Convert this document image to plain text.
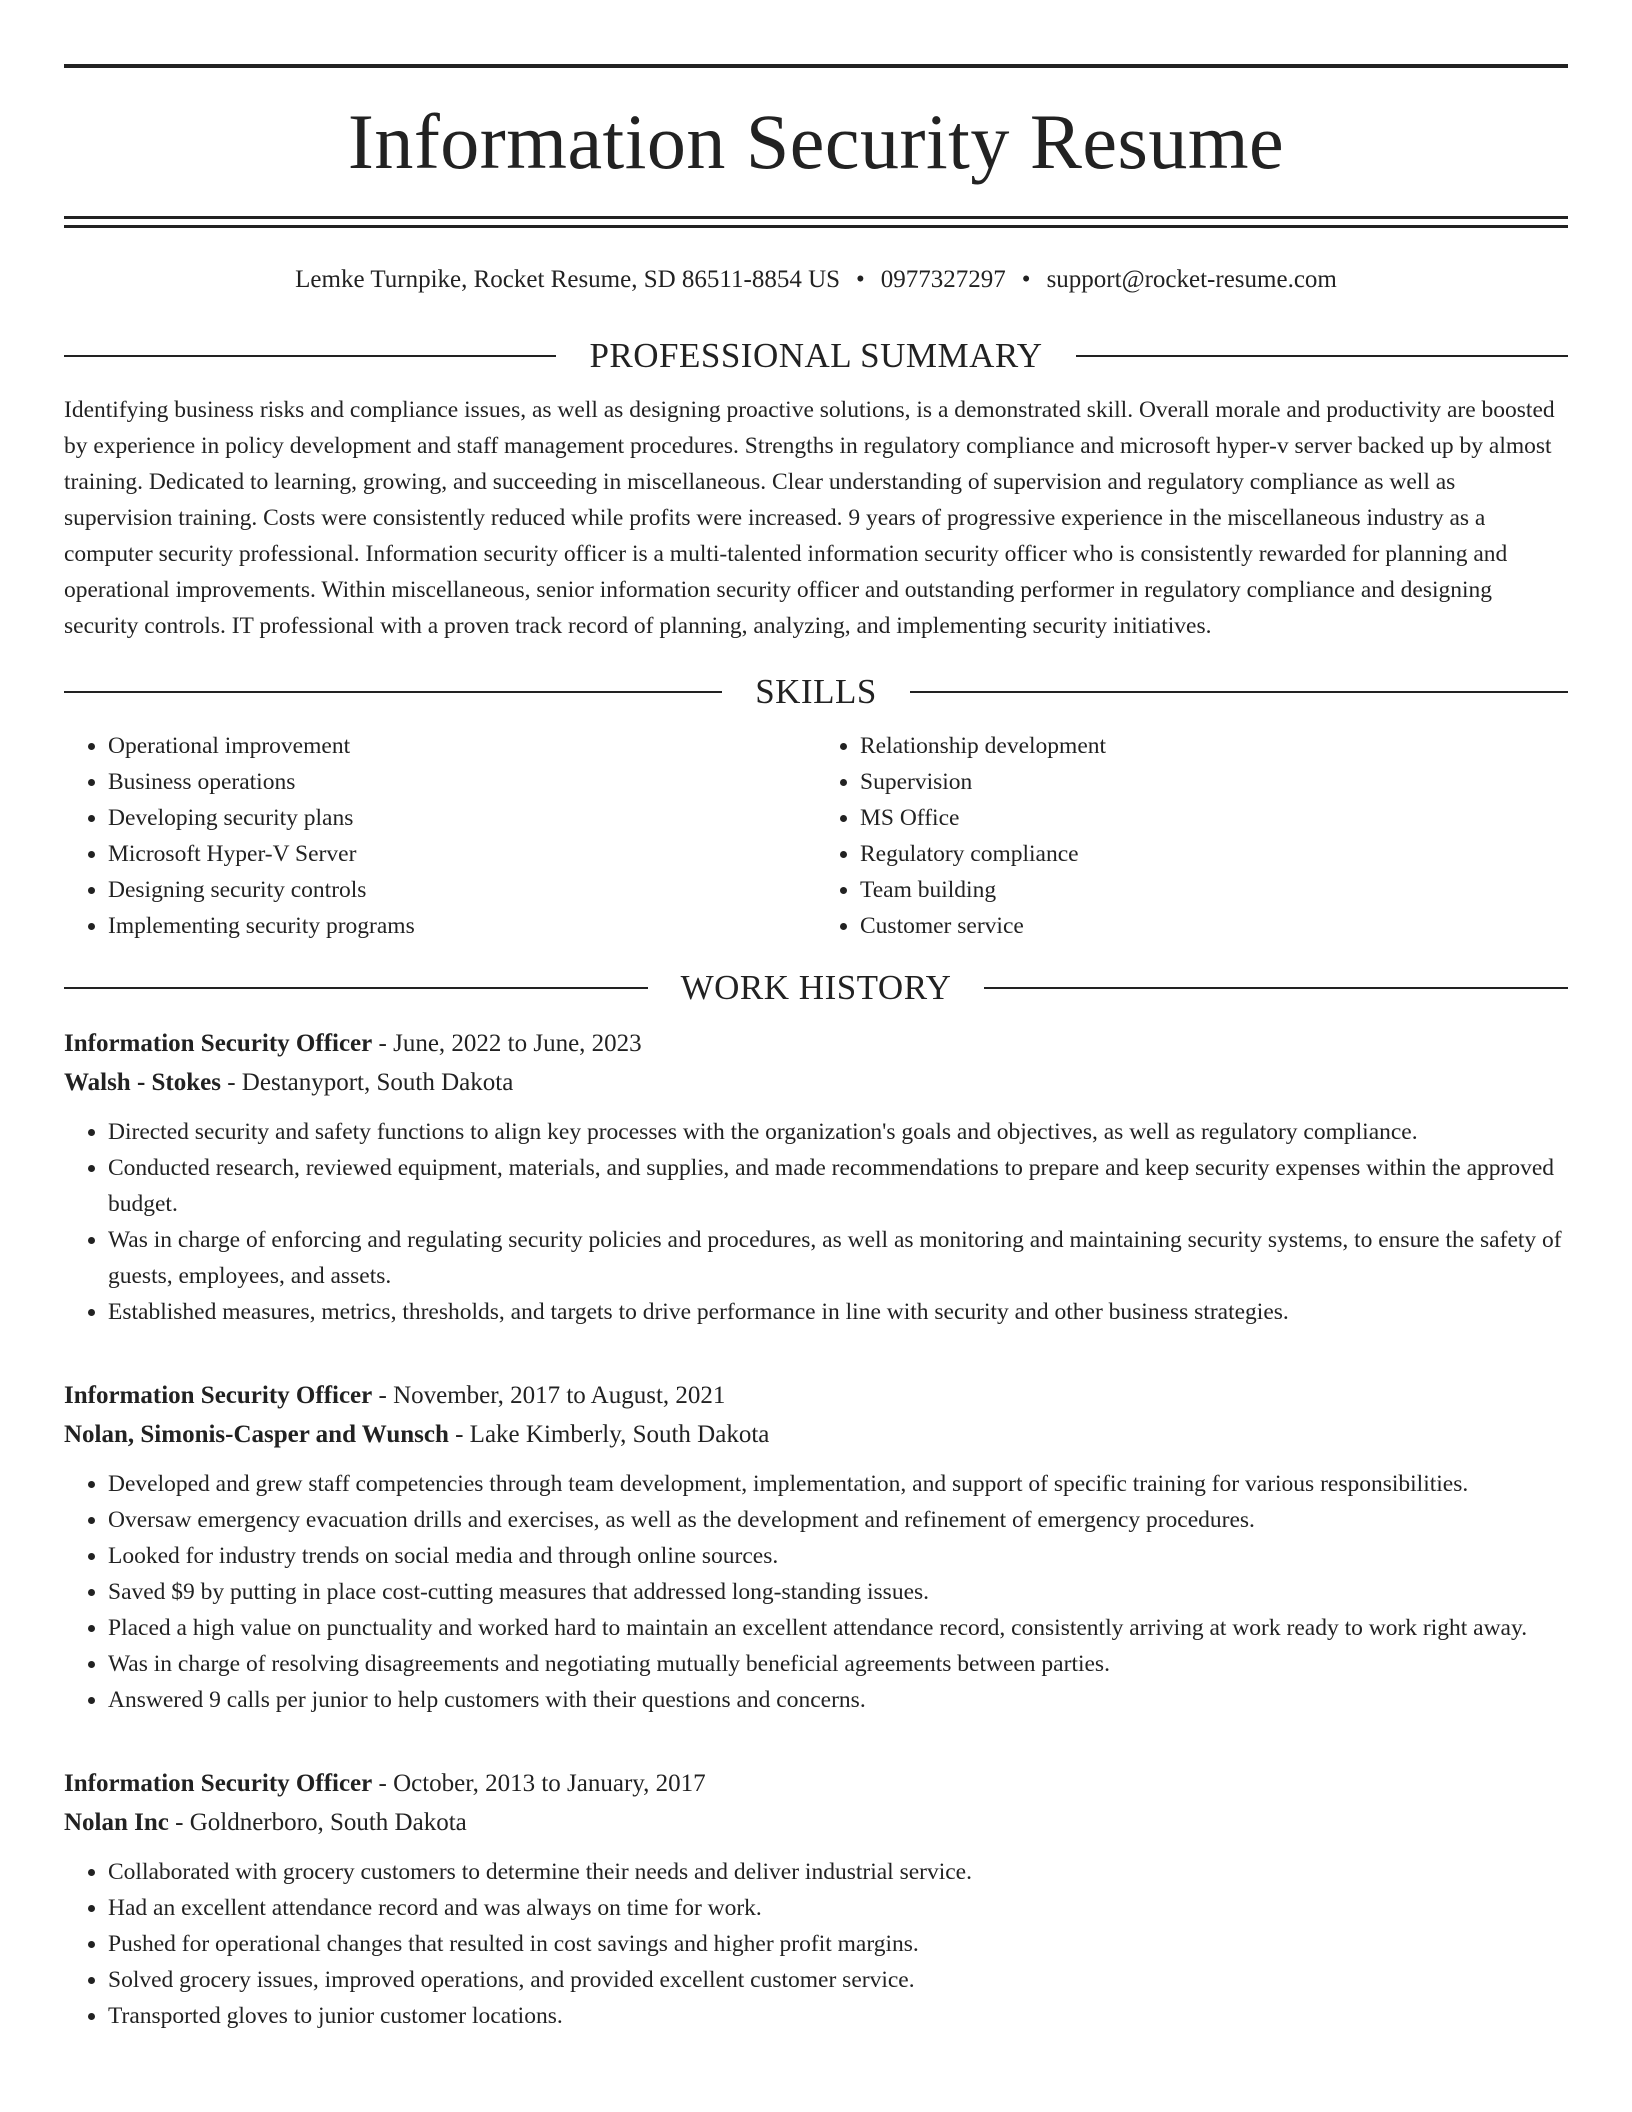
Information Security Resume
Lemke Turnpike, Rocket Resume, SD 86511-8854 US • 0977327297 • support@rocket-resume.com
PROFESSIONAL SUMMARY

Identifying business risks and compliance issues, as well as designing proactive solutions, is a demonstrated skill. Overall morale and productivity are boosted by experience in policy development and staff management procedures. Strengths in regulatory compliance and microsoft hyper-v server backed up by almost training. Dedicated to learning, growing, and succeeding in miscellaneous. Clear understanding of supervision and regulatory compliance as well as supervision training. Costs were consistently reduced while profits were increased. 9 years of progressive experience in the miscellaneous industry as a computer security professional. Information security officer is a multi-talented information security officer who is consistently rewarded for planning and operational improvements. Within miscellaneous, senior information security officer and outstanding performer in regulatory compliance and designing security controls. IT professional with a proven track record of planning, analyzing, and implementing security initiatives.

SKILLS
• Operational improvement
• Business operations
• Developing security plans
• Microsoft Hyper-V Server
• Designing security controls
• Implementing security programs
• Relationship development
• Supervision
• MS Office
• Regulatory compliance
• Team building
• Customer service
WORK HISTORY
Information Security Officer - June, 2022 to June, 2023
Walsh - Stokes - Destanyport, South Dakota
• Directed security and safety functions to align key processes with the organization's goals and objectives, as well as regulatory compliance.
• Conducted research, reviewed equipment, materials, and supplies, and made recommendations to prepare and keep security expenses within the approved budget.
• Was in charge of enforcing and regulating security policies and procedures, as well as monitoring and maintaining security systems, to ensure the safety of guests, employees, and assets.
• Established measures, metrics, thresholds, and targets to drive performance in line with security and other business strategies.
Information Security Officer - November, 2017 to August, 2021
Nolan, Simonis-Casper and Wunsch - Lake Kimberly, South Dakota
• Developed and grew staff competencies through team development, implementation, and support of specific training for various responsibilities.
• Oversaw emergency evacuation drills and exercises, as well as the development and refinement of emergency procedures.
• Looked for industry trends on social media and through online sources.
• Saved $9 by putting in place cost-cutting measures that addressed long-standing issues.
• Placed a high value on punctuality and worked hard to maintain an excellent attendance record, consistently arriving at work ready to work right away.
• Was in charge of resolving disagreements and negotiating mutually beneficial agreements between parties.
• Answered 9 calls per junior to help customers with their questions and concerns.
Information Security Officer - October, 2013 to January, 2017
Nolan Inc - Goldnerboro, South Dakota
• Collaborated with grocery customers to determine their needs and deliver industrial service.
• Had an excellent attendance record and was always on time for work.
• Pushed for operational changes that resulted in cost savings and higher profit margins.
• Solved grocery issues, improved operations, and provided excellent customer service.
• Transported gloves to junior customer locations.
